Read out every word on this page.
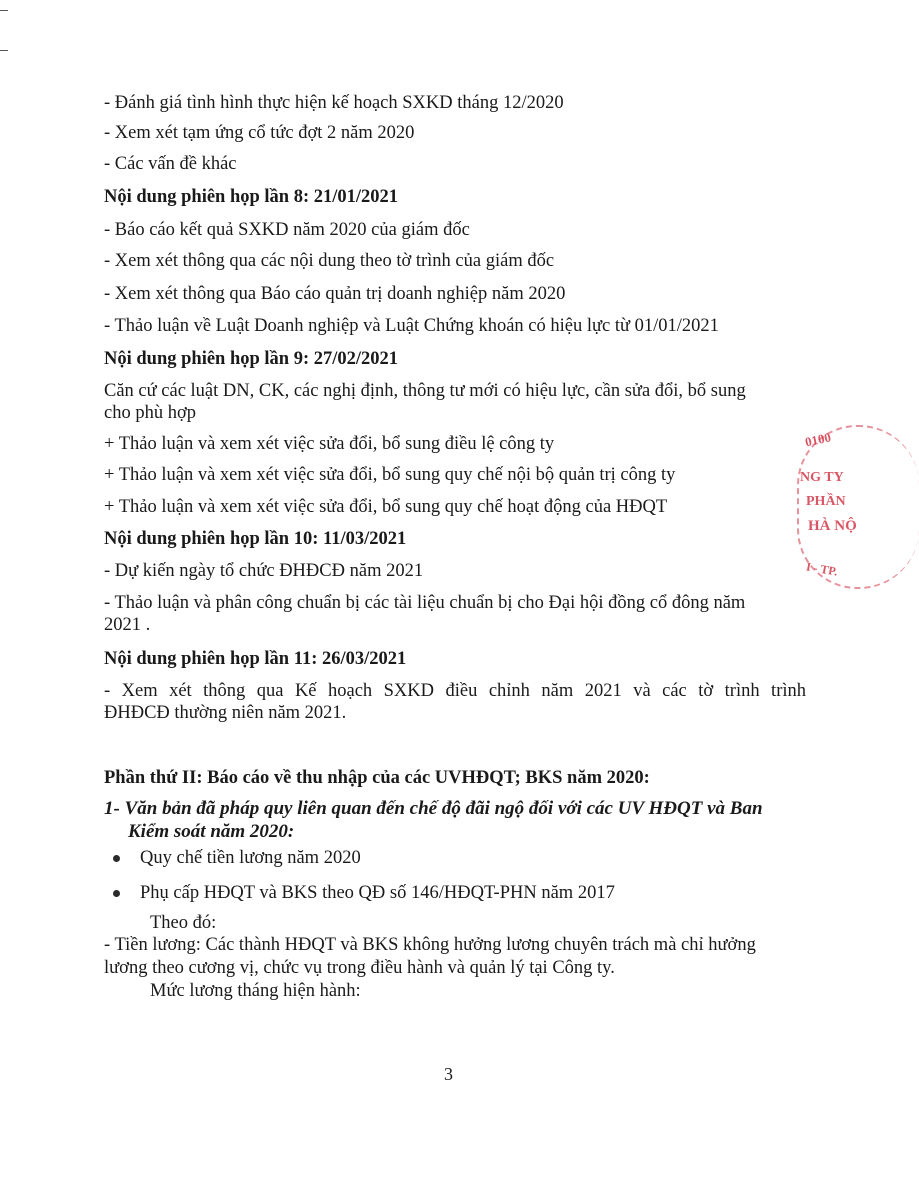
- Đánh giá tình hình thực hiện kế hoạch SXKD tháng 12/2020
- Xem xét tạm ứng cổ tức đợt 2 năm 2020
- Các vấn đề khác
Nội dung phiên họp lần 8: 21/01/2021
- Báo cáo kết quả SXKD năm 2020 của giám đốc
- Xem xét thông qua các nội dung theo tờ trình của giám đốc
- Xem xét thông qua Báo cáo quản trị doanh nghiệp năm 2020
- Thảo luận về Luật Doanh nghiệp và Luật Chứng khoán có hiệu lực từ 01/01/2021
Nội dung phiên họp lần 9: 27/02/2021
Căn cứ các luật DN, CK, các nghị định, thông tư mới có hiệu lực, cần sửa đổi, bổ sung
cho phù hợp
+ Thảo luận và xem xét việc sửa đổi, bổ sung điều lệ công ty
+ Thảo luận và xem xét việc sửa đổi, bổ sung quy chế nội bộ quản trị công ty
+ Thảo luận và xem xét việc sửa đổi, bổ sung quy chế hoạt động của HĐQT
Nội dung phiên họp lần 10: 11/03/2021
- Dự kiến ngày tổ chức ĐHĐCĐ năm 2021
- Thảo luận và phân công chuẩn bị các tài liệu chuẩn bị cho Đại hội đồng cổ đông năm
2021 .
Nội dung phiên họp lần 11: 26/03/2021
- Xem xét thông qua Kế hoạch SXKD điều chỉnh năm 2021 và các tờ trình trình
ĐHĐCĐ thường niên năm 2021.
Phần thứ II: Báo cáo về thu nhập của các UVHĐQT; BKS năm 2020:
1- Văn bản đã pháp quy liên quan đến chế độ đãi ngộ đối với các UV HĐQT và Ban
Kiểm soát năm 2020:
Quy chế tiền lương năm 2020
Phụ cấp HĐQT và BKS theo QĐ số 146/HĐQT-PHN năm 2017
Theo đó:
- Tiền lương: Các thành HĐQT và BKS không hưởng lương chuyên trách mà chỉ hưởng
lương theo cương vị, chức vụ trong điều hành và quản lý tại Công ty.
Mức lương tháng hiện hành:
3
0100
NG TY
PHẦN
HÀ NỘ
I - TP.
